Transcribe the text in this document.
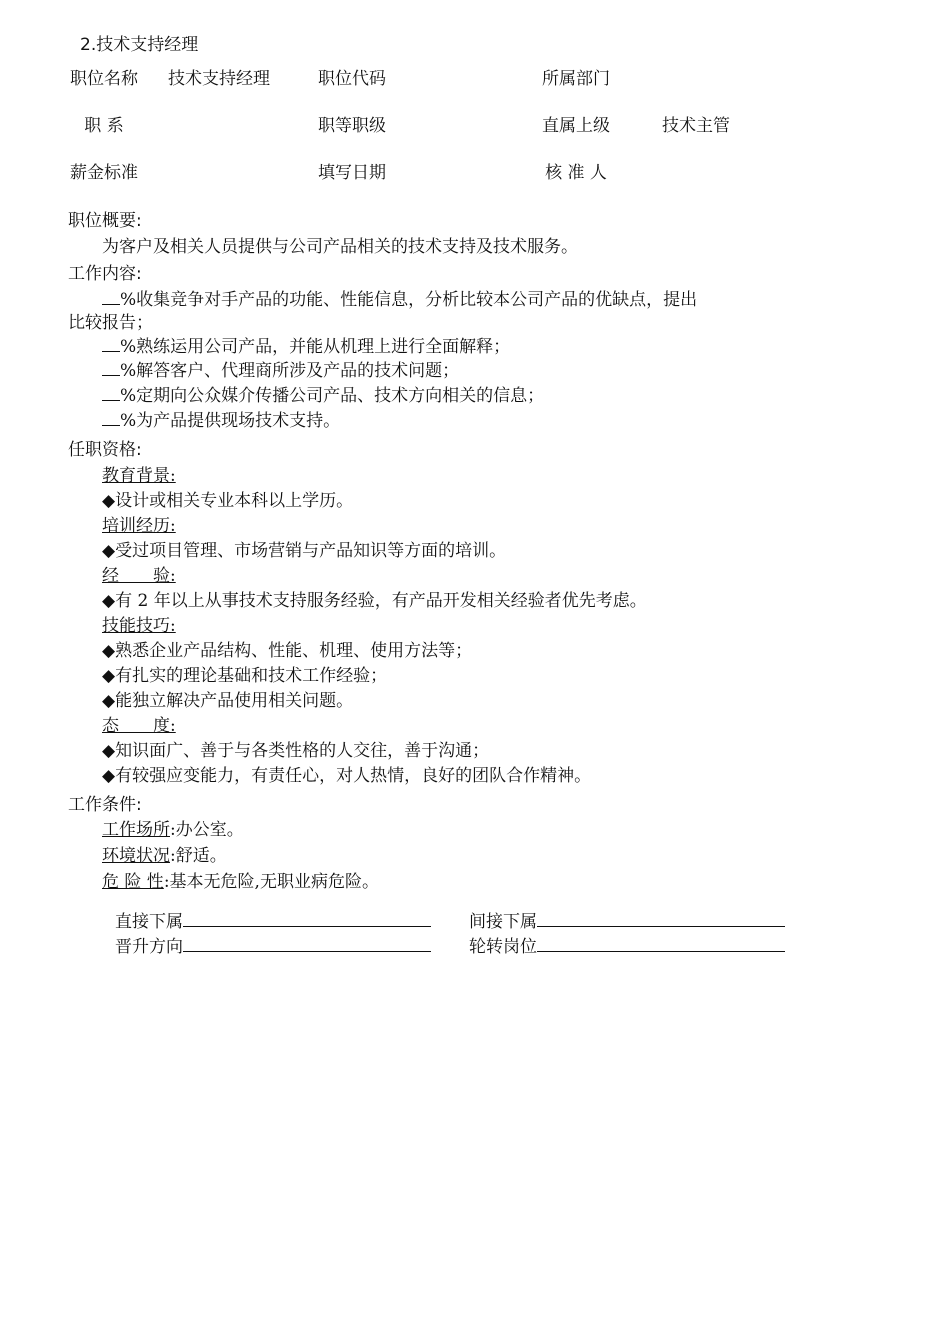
2.技术支持经理
职位名称 技术支持经理	职位代码	所属部门
职 系	职等职级	直属上级	技术主管
薪金标准	填写日期	核 准 人
职位概要:
为客户及相关人员提供与公司产品相关的技术支持及技术服务。
工作内容:
%收集竞争对手产品的功能、性能信息，分析比较本公司产品的优缺点，提出
比较报告；
%熟练运用公司产品，并能从机理上进行全面解释；
%解答客户、代理商所涉及产品的技术问题；
%定期向公众媒介传播公司产品、技术方向相关的信息；
%为产品提供现场技术支持。
任职资格:
教育背景:
◆设计或相关专业本科以上学历。
培训经历:
◆受过项目管理、市场营销与产品知识等方面的培训。
经　　验:
◆有 2 年以上从事技术支持服务经验，有产品开发相关经验者优先考虑。
技能技巧:
◆熟悉企业产品结构、性能、机理、使用方法等；
◆有扎实的理论基础和技术工作经验；
◆能独立解决产品使用相关问题。
态　　度:
◆知识面广、善于与各类性格的人交往，善于沟通；
◆有较强应变能力，有责任心，对人热情，良好的团队合作精神。
工作条件:
工作场所:办公室。
环境状况:舒适。
危 险 性:基本无危险,无职业病危险。
直接下属	间接下属
晋升方向	轮转岗位
